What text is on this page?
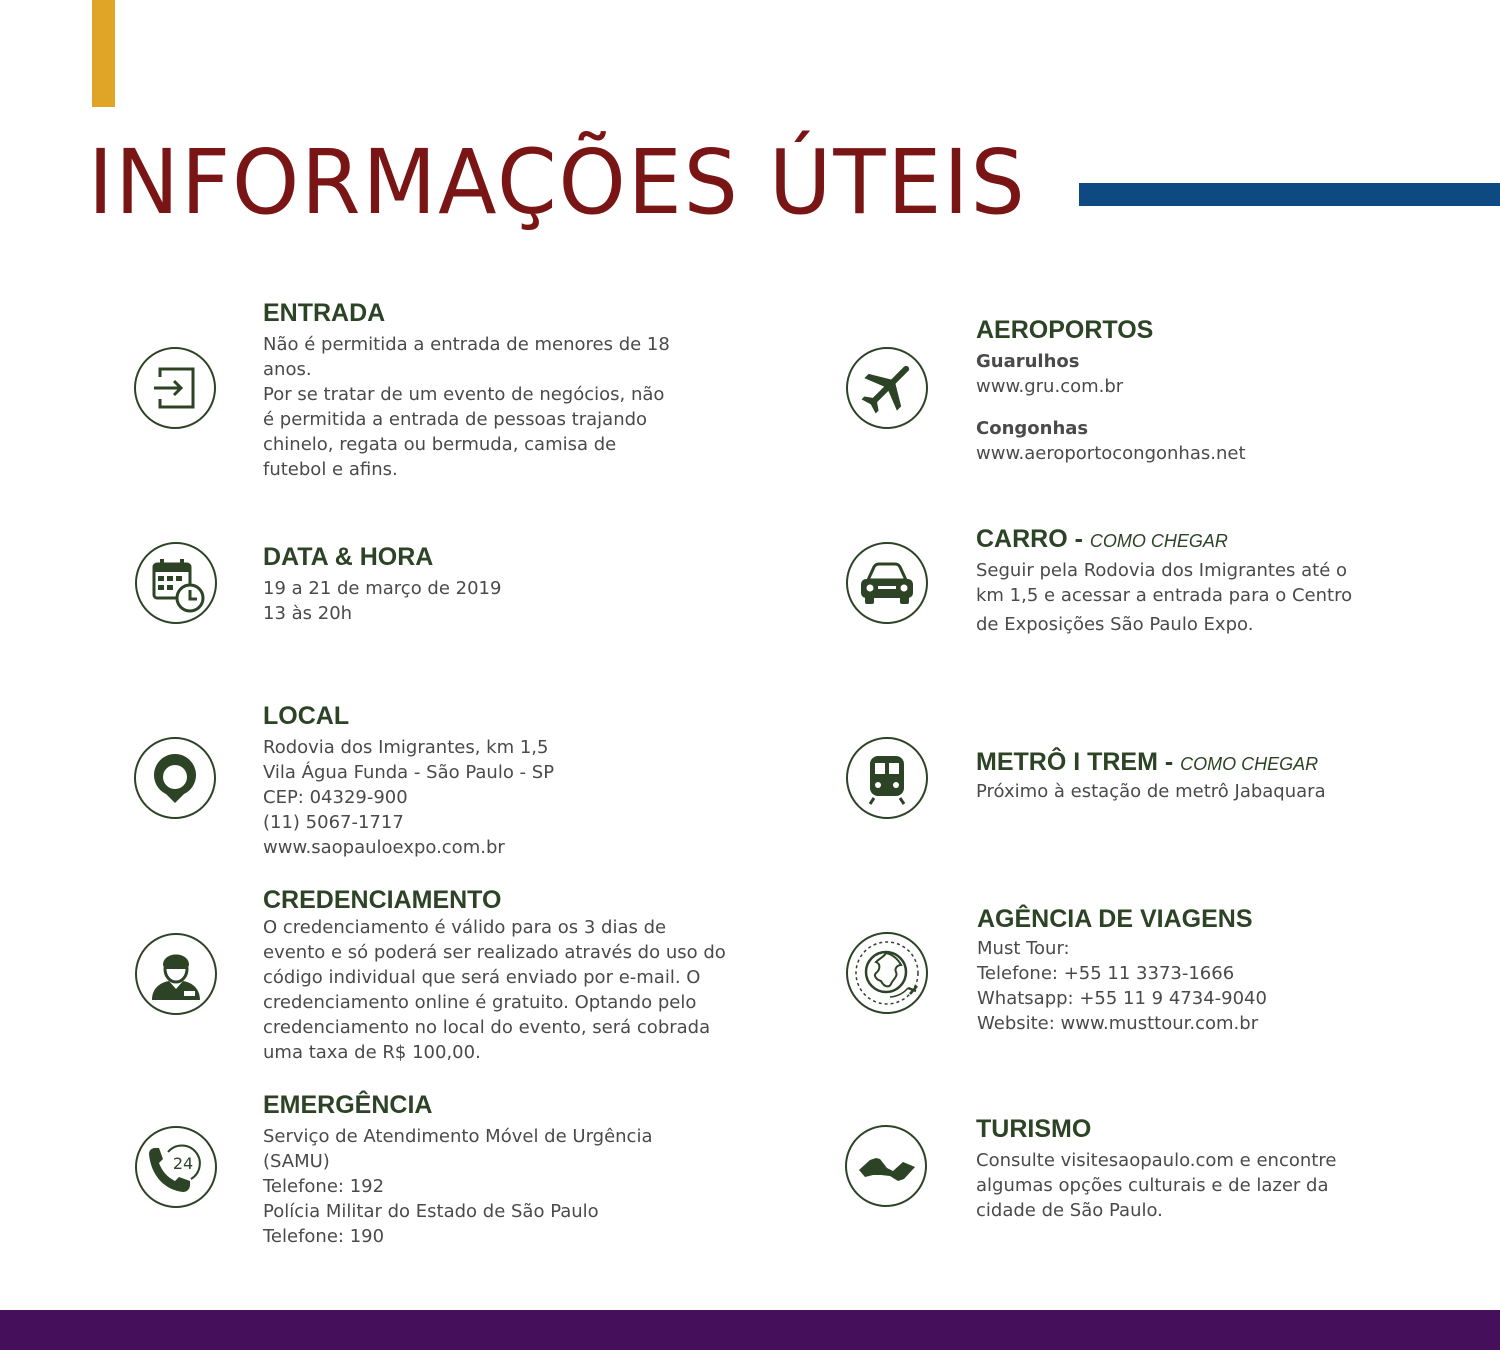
INFORMAÇÕES ÚTEIS
ENTRADA
Não é permitida a entrada de menores de 18
anos.
Por se tratar de um evento de negócios, não
é permitida a entrada de pessoas trajando
chinelo, regata ou bermuda, camisa de
futebol e afins.
DATA & HORA
19 a 21 de março de 2019
13 às 20h
LOCAL
Rodovia dos Imigrantes, km 1,5
Vila Água Funda - São Paulo - SP
CEP: 04329-900
(11) 5067-1717
www.saopauloexpo.com.br
CREDENCIAMENTO
O credenciamento é válido para os 3 dias de
evento e só poderá ser realizado através do uso do
código individual que será enviado por e-mail. O
credenciamento online é gratuito. Optando pelo
credenciamento no local do evento, será cobrada
uma taxa de R$ 100,00.
24
EMERGÊNCIA
Serviço de Atendimento Móvel de Urgência
(SAMU)
Telefone: 192
Polícia Militar do Estado de São Paulo
Telefone: 190
AEROPORTOS
Guarulhos
www.gru.com.br
Congonhas
www.aeroportocongonhas.net
CARRO - COMO CHEGAR
Seguir pela Rodovia dos Imigrantes até o
km 1,5 e acessar a entrada para o Centro
de Exposições São Paulo Expo.
METRÔ I TREM - COMO CHEGAR
Próximo à estação de metrô Jabaquara
AGÊNCIA DE VIAGENS
Must Tour:
Telefone: +55 11 3373-1666
Whatsapp: +55 11 9 4734-9040
Website: www.musttour.com.br
TURISMO
Consulte visitesaopaulo.com e encontre
algumas opções culturais e de lazer da
cidade de São Paulo.
